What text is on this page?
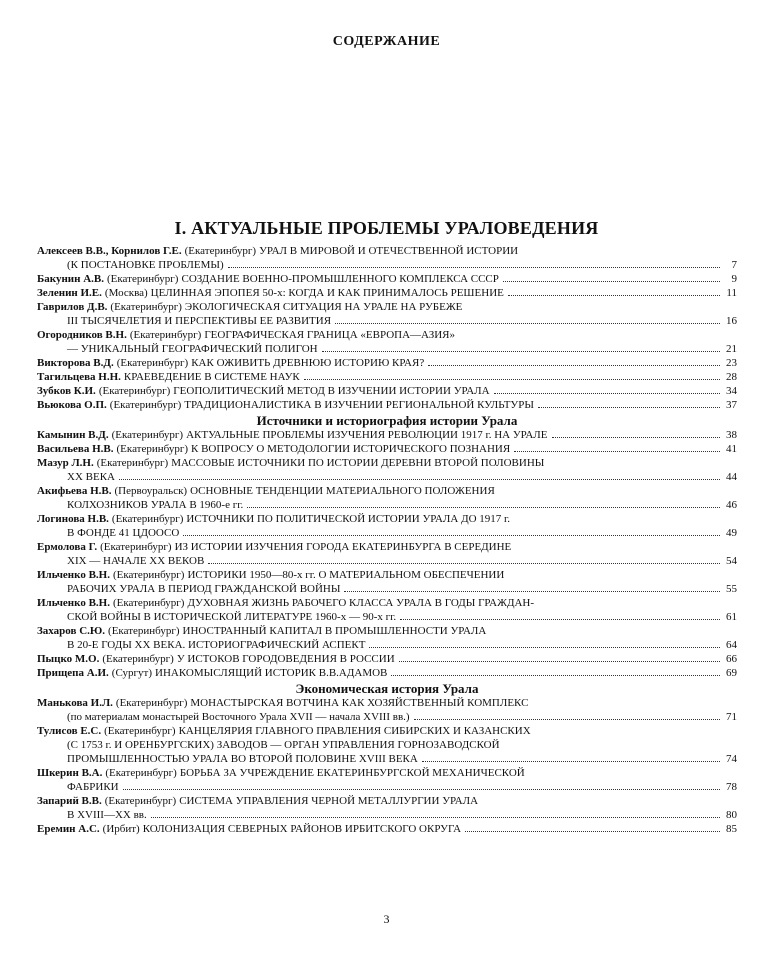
СОДЕРЖАНИЕ
I. АКТУАЛЬНЫЕ ПРОБЛЕМЫ УРАЛОВЕДЕНИЯ
Алексеев В.В., Корнилов Г.Е. (Екатеринбург) УРАЛ В МИРОВОЙ И ОТЕЧЕСТВЕННОЙ ИСТОРИИ
(К ПОСТАНОВКЕ ПРОБЛЕМЫ)	7
Бакунин А.В. (Екатеринбург) СОЗДАНИЕ ВОЕННО-ПРОМЫШЛЕННОГО КОМПЛЕКСА СССР	9
Зеленин И.Е. (Москва) ЦЕЛИННАЯ ЭПОПЕЯ 50-х: КОГДА И КАК ПРИНИМАЛОСЬ РЕШЕНИЕ	11
Гаврилов Д.В. (Екатеринбург) ЭКОЛОГИЧЕСКАЯ СИТУАЦИЯ НА УРАЛЕ НА РУБЕЖЕ
III ТЫСЯЧЕЛЕТИЯ И ПЕРСПЕКТИВЫ ЕЕ РАЗВИТИЯ	16
Огородников В.Н. (Екатеринбург) ГЕОГРАФИЧЕСКАЯ ГРАНИЦА «ЕВРОПА—АЗИЯ»
— УНИКАЛЬНЫЙ ГЕОГРАФИЧЕСКИЙ ПОЛИГОН	21
Викторова В.Д. (Екатеринбург) КАК ОЖИВИТЬ ДРЕВНЮЮ ИСТОРИЮ КРАЯ?	23
Тагильцева Н.Н. КРАЕВЕДЕНИЕ В СИСТЕМЕ НАУК	28
Зубков К.И. (Екатеринбург) ГЕОПОЛИТИЧЕСКИЙ МЕТОД В ИЗУЧЕНИИ ИСТОРИИ УРАЛА	34
Вьюкова О.П. (Екатеринбург) ТРАДИЦИОНАЛИСТИКА В ИЗУЧЕНИИ РЕГИОНАЛЬНОЙ КУЛЬТУРЫ	37
Источники и историография истории Урала
Камынин В.Д. (Екатеринбург) АКТУАЛЬНЫЕ ПРОБЛЕМЫ ИЗУЧЕНИЯ РЕВОЛЮЦИИ 1917 г. НА УРАЛЕ	38
Васильева Н.В. (Екатеринбург) К ВОПРОСУ О МЕТОДОЛОГИИ ИСТОРИЧЕСКОГО ПОЗНАНИЯ	41
Мазур Л.Н. (Екатеринбург) МАССОВЫЕ ИСТОЧНИКИ ПО ИСТОРИИ ДЕРЕВНИ ВТОРОЙ ПОЛОВИНЫ
XX ВЕКА	44
Акифьева Н.В. (Первоуральск) ОСНОВНЫЕ ТЕНДЕНЦИИ МАТЕРИАЛЬНОГО ПОЛОЖЕНИЯ
КОЛХОЗНИКОВ УРАЛА В 1960-е гг.	46
Логинова Н.В. (Екатеринбург) ИСТОЧНИКИ ПО ПОЛИТИЧЕСКОЙ ИСТОРИИ УРАЛА ДО 1917 г.
В ФОНДЕ 41 ЦДООСО	49
Ермолова Г. (Екатеринбург) ИЗ ИСТОРИИ ИЗУЧЕНИЯ ГОРОДА ЕКАТЕРИНБУРГА В СЕРЕДИНЕ
XIX — НАЧАЛЕ XX ВЕКОВ	54
Ильченко В.Н. (Екатеринбург) ИСТОРИКИ 1950—80-х гг. О МАТЕРИАЛЬНОМ ОБЕСПЕЧЕНИИ
РАБОЧИХ УРАЛА В ПЕРИОД ГРАЖДАНСКОЙ ВОЙНЫ	55
Ильченко В.Н. (Екатеринбург) ДУХОВНАЯ ЖИЗНЬ РАБОЧЕГО КЛАССА УРАЛА В ГОДЫ ГРАЖДАН-
СКОЙ ВОЙНЫ В ИСТОРИЧЕСКОЙ ЛИТЕРАТУРЕ 1960-х — 90-х гг.	61
Захаров С.Ю. (Екатеринбург) ИНОСТРАННЫЙ КАПИТАЛ В ПРОМЫШЛЕННОСТИ УРАЛА
В 20-Е ГОДЫ XX ВЕКА. ИСТОРИОГРАФИЧЕСКИЙ АСПЕКТ	64
Пыцко М.О. (Екатеринбург) У ИСТОКОВ ГОРОДОВЕДЕНИЯ В РОССИИ	66
Прищепа А.И. (Сургут) ИНАКОМЫСЛЯЩИЙ ИСТОРИК В.В.АДАМОВ	69
Экономическая история Урала
Манькова И.Л. (Екатеринбург) МОНАСТЫРСКАЯ ВОТЧИНА КАК ХОЗЯЙСТВЕННЫЙ КОМПЛЕКС
(по материалам монастырей Восточного Урала XVII — начала XVIII вв.)	71
Тулисов Е.С. (Екатеринбург) КАНЦЕЛЯРИЯ ГЛАВНОГО ПРАВЛЕНИЯ СИБИРСКИХ И КАЗАНСКИХ
(С 1753 г. И ОРЕНБУРГСКИХ) ЗАВОДОВ — ОРГАН УПРАВЛЕНИЯ ГОРНОЗАВОДСКОЙ
ПРОМЫШЛЕННОСТЬЮ УРАЛА ВО ВТОРОЙ ПОЛОВИНЕ XVIII ВЕКА	74
Шкерин В.А. (Екатеринбург) БОРЬБА ЗА УЧРЕЖДЕНИЕ ЕКАТЕРИНБУРГСКОЙ МЕХАНИЧЕСКОЙ
ФАБРИКИ	78
Запарий В.В. (Екатеринбург) СИСТЕМА УПРАВЛЕНИЯ ЧЕРНОЙ МЕТАЛЛУРГИИ УРАЛА
В XVIII—XX вв.	80
Еремин А.С. (Ирбит) КОЛОНИЗАЦИЯ СЕВЕРНЫХ РАЙОНОВ ИРБИТСКОГО ОКРУГА	85
3
